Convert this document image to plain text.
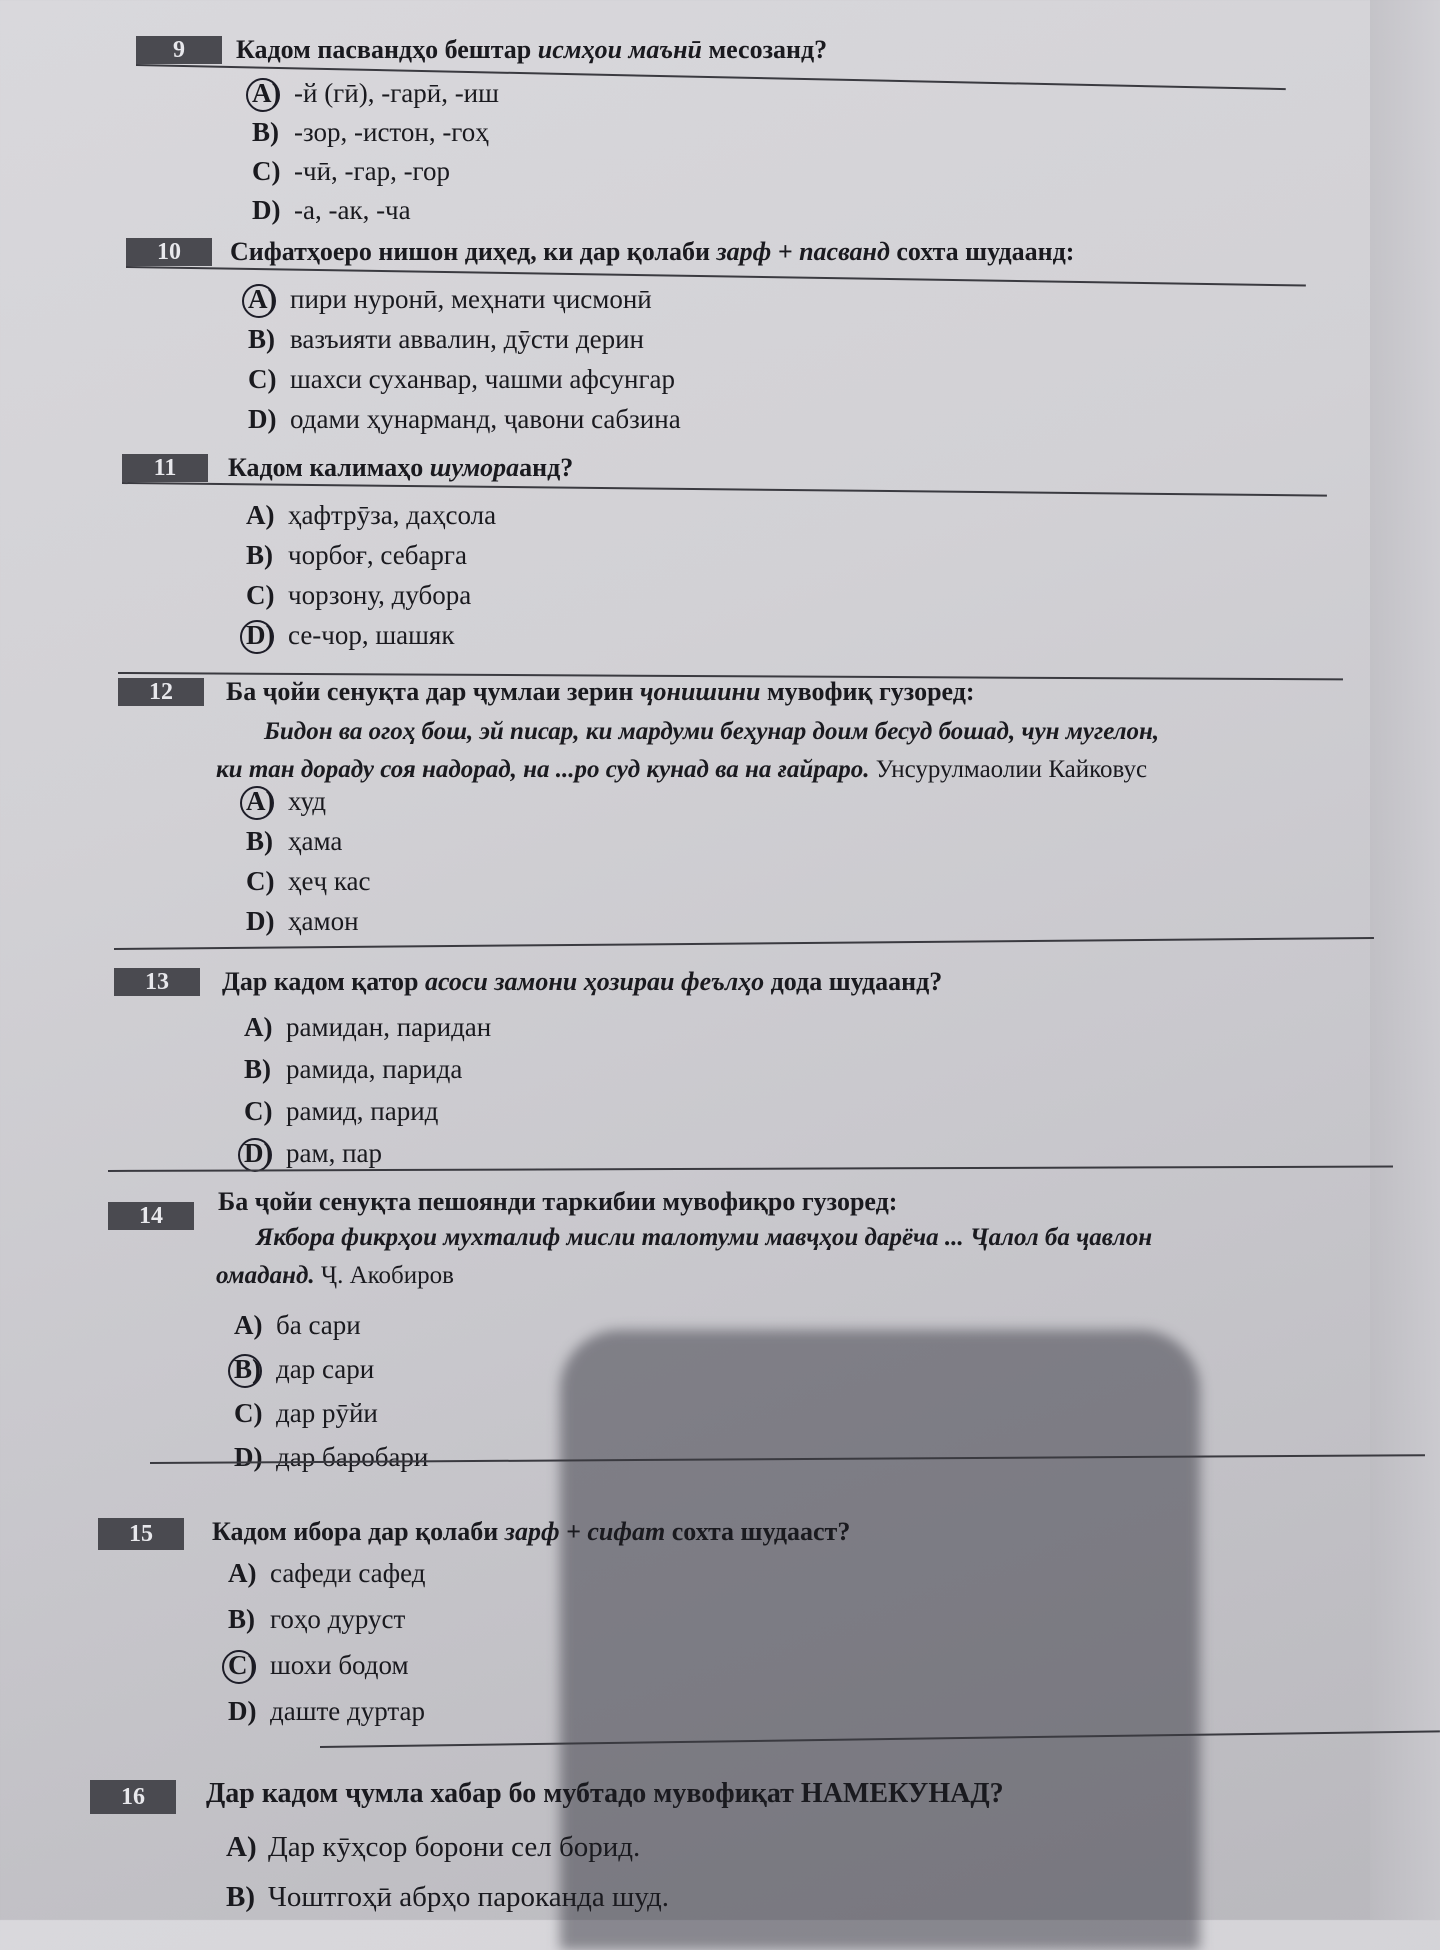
9	Кадом пасвандҳо бештар исмҳои маънӣ месозанд?
A) -й (гӣ), -гарӣ, -иш
B) -зор, -истон, -гоҳ
C) -чӣ, -гар, -гор
D) -а, -ак, -ча
10	Сифатҳоеро нишон диҳед, ки дар қолаби зарф + пасванд сохта шудаанд:
A) пири нуронӣ, меҳнати ҷисмонӣ
B) вазъияти аввалин, дӯсти дерин
C) шахси суханвар, чашми афсунгар
D) одами ҳунарманд, ҷавони сабзина
11	Кадом калимаҳо шумораанд?
A) ҳафтрӯза, даҳсола
B) чорбоғ, себарга
C) чорзону, дубора
D) се-чор, шашяк
12	Ба ҷойи сенуқта дар ҷумлаи зерин ҷонишини мувофиқ гузоред:
Бидон ва огоҳ бош, эй писар, ки мардуми беҳунар доим бесуд бошад, чун мугелон,
ки тан дораду соя надорад, на ...ро суд кунад ва на ғайраро. Унсурулмаолии Кайковус
A) худ
B) ҳама
C) ҳеҷ кас
D) ҳамон
13	Дар кадом қатор асоси замони ҳозираи феълҳо дода шудаанд?
A) рамидан, паридан
B) рамида, парида
C) рамид, парид
D) рам, пар
14	Ба ҷойи сенуқта пешоянди таркибии мувофиқро гузоред:
Якбора фикрҳои мухталиф мисли талотуми мавҷҳои дарёча ... Ҷалол ба ҷавлон
омаданд. Ҷ. Акобиров
A) ба сари
B) дар сари
C) дар рӯйи
D) дар баробари
15	Кадом ибора дар қолаби зарф + сифат сохта шудааст?
A) сафеди сафед
B) гоҳо дуруст
C) шохи бодом
D) даште дуртар
16	Дар кадом ҷумла хабар бо мубтадо мувофиқат НАМЕКУНАД?
A) Дар кӯҳсор борони сел борид.
B) Чоштгоҳӣ абрҳо пароканда шуд.
